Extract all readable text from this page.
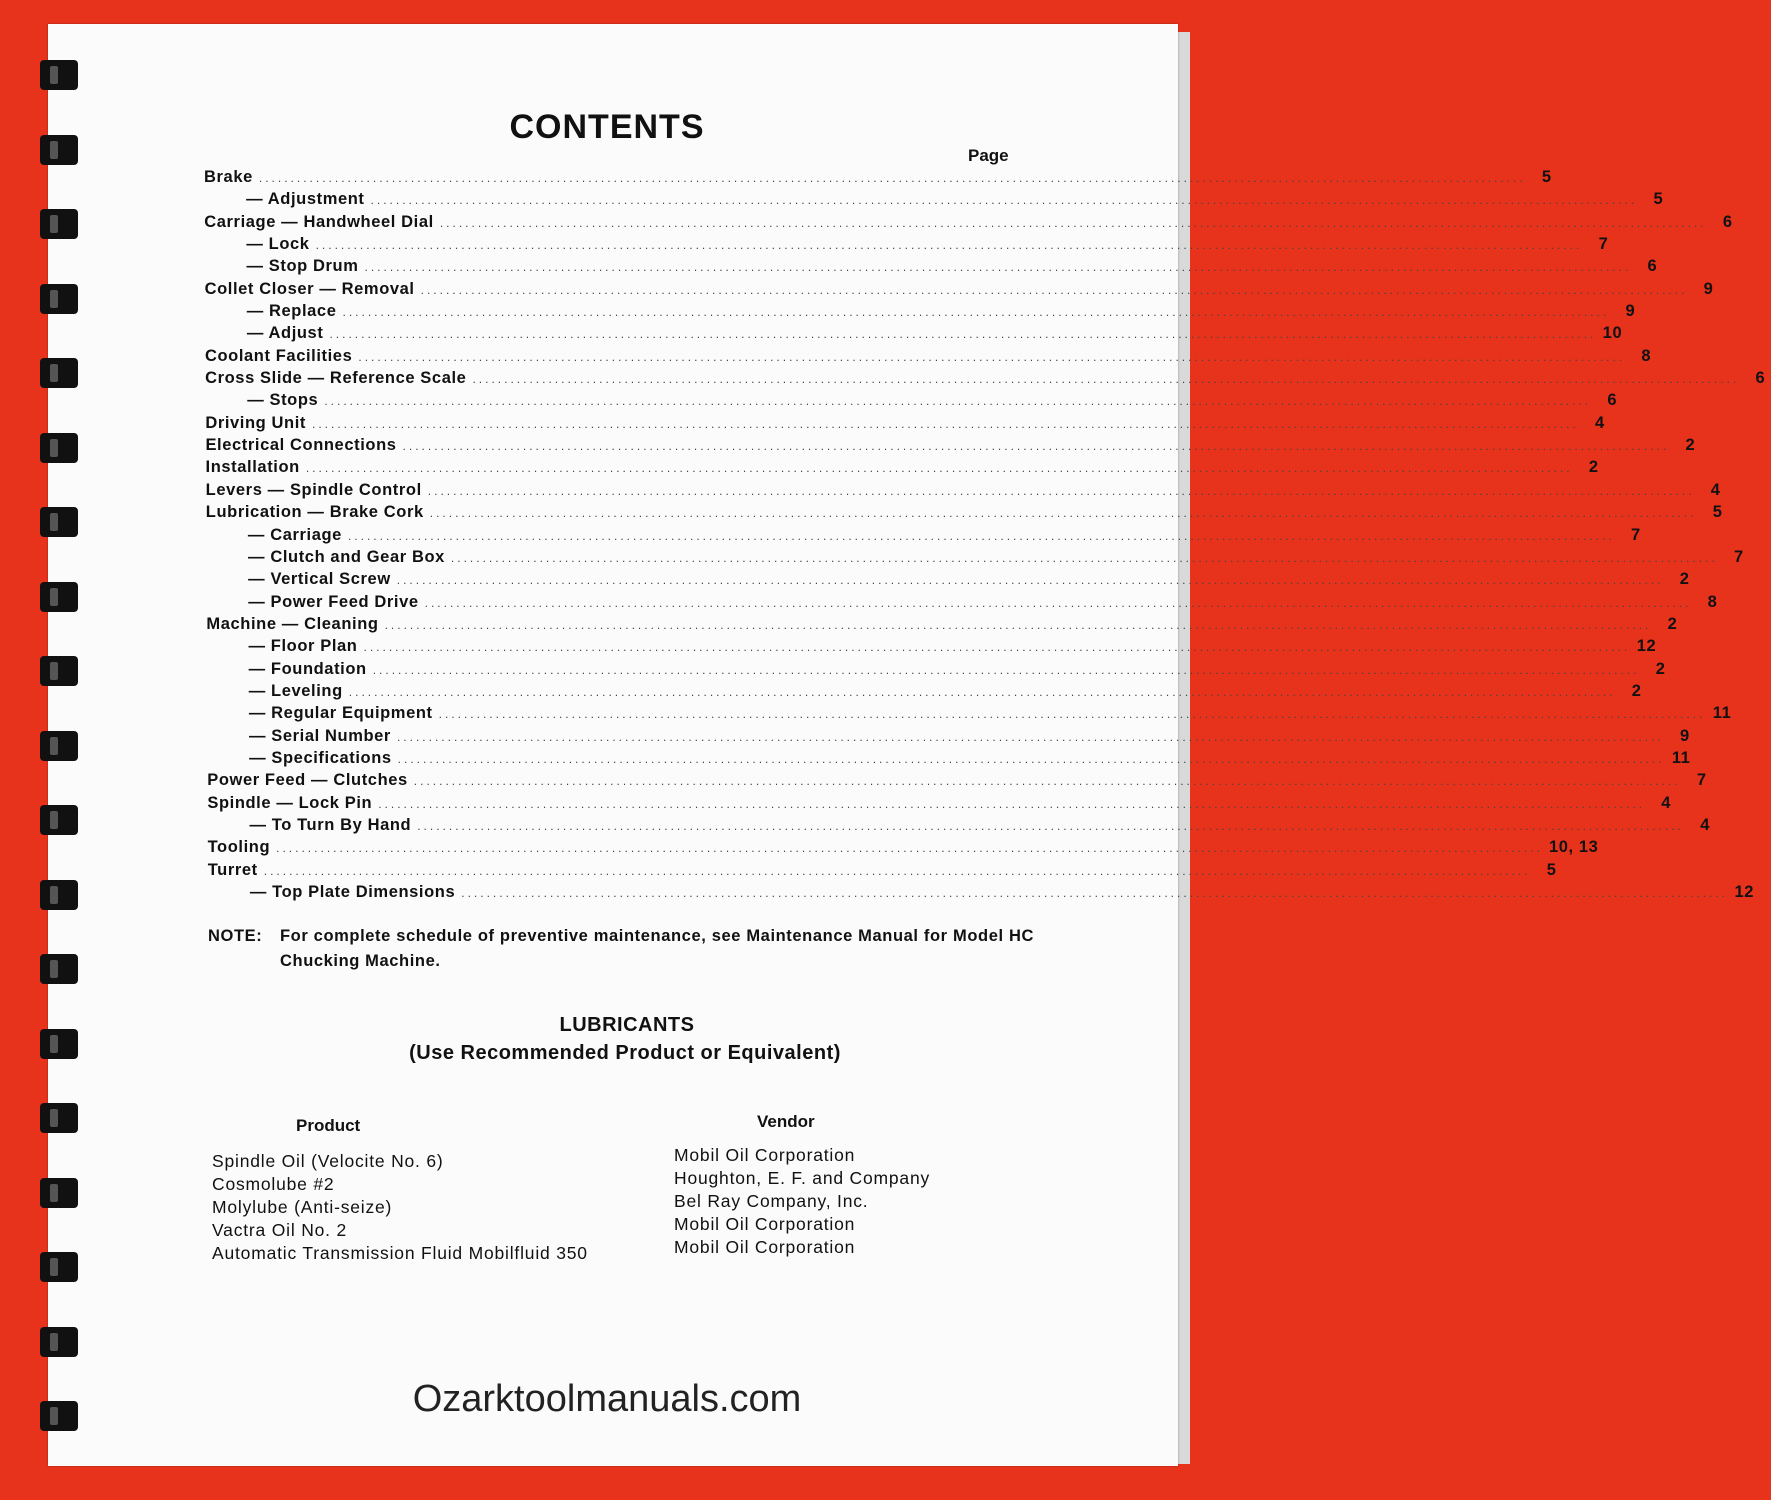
CONTENTS
Page
Brake ........................................................................................................................................................................................................ 5
— Adjustment ........................................................................................................................................................................................................ 5
Carriage — Handwheel Dial ........................................................................................................................................................................................................ 6
— Lock ........................................................................................................................................................................................................ 7
— Stop Drum ........................................................................................................................................................................................................ 6
Collet Closer — Removal ........................................................................................................................................................................................................ 9
— Replace ........................................................................................................................................................................................................ 9
— Adjust ........................................................................................................................................................................................................ 10
Coolant Facilities ........................................................................................................................................................................................................ 8
Cross Slide — Reference Scale ........................................................................................................................................................................................................ 6
— Stops ........................................................................................................................................................................................................ 6
Driving Unit ........................................................................................................................................................................................................ 4
Electrical Connections ........................................................................................................................................................................................................ 2
Installation ........................................................................................................................................................................................................ 2
Levers — Spindle Control ........................................................................................................................................................................................................ 4
Lubrication — Brake Cork ........................................................................................................................................................................................................ 5
— Carriage ........................................................................................................................................................................................................ 7
— Clutch and Gear Box ........................................................................................................................................................................................................ 7
— Vertical Screw ........................................................................................................................................................................................................ 2
— Power Feed Drive ........................................................................................................................................................................................................ 8
Machine — Cleaning ........................................................................................................................................................................................................ 2
— Floor Plan ........................................................................................................................................................................................................ 12
— Foundation ........................................................................................................................................................................................................ 2
— Leveling ........................................................................................................................................................................................................ 2
— Regular Equipment ........................................................................................................................................................................................................ 11
— Serial Number ........................................................................................................................................................................................................ 9
— Specifications ........................................................................................................................................................................................................ 11
Power Feed — Clutches ........................................................................................................................................................................................................ 7
Spindle — Lock Pin ........................................................................................................................................................................................................ 4
— To Turn By Hand ........................................................................................................................................................................................................ 4
Tooling ........................................................................................................................................................................................................ 10, 13
Turret ........................................................................................................................................................................................................ 5
— Top Plate Dimensions ........................................................................................................................................................................................................ 12
NOTE: For complete schedule of preventive maintenance, see Maintenance Manual for Model HC Chucking Machine.
LUBRICANTS
(Use Recommended Product or Equivalent)
Product	Vendor
Spindle Oil (Velocite No. 6)
Cosmolube #2
Molylube (Anti-seize)
Vactra Oil No. 2
Automatic Transmission Fluid Mobilfluid 350
Mobil Oil Corporation
Houghton, E. F. and Company
Bel Ray Company, Inc.
Mobil Oil Corporation
Mobil Oil Corporation
Ozarktoolmanuals.com
